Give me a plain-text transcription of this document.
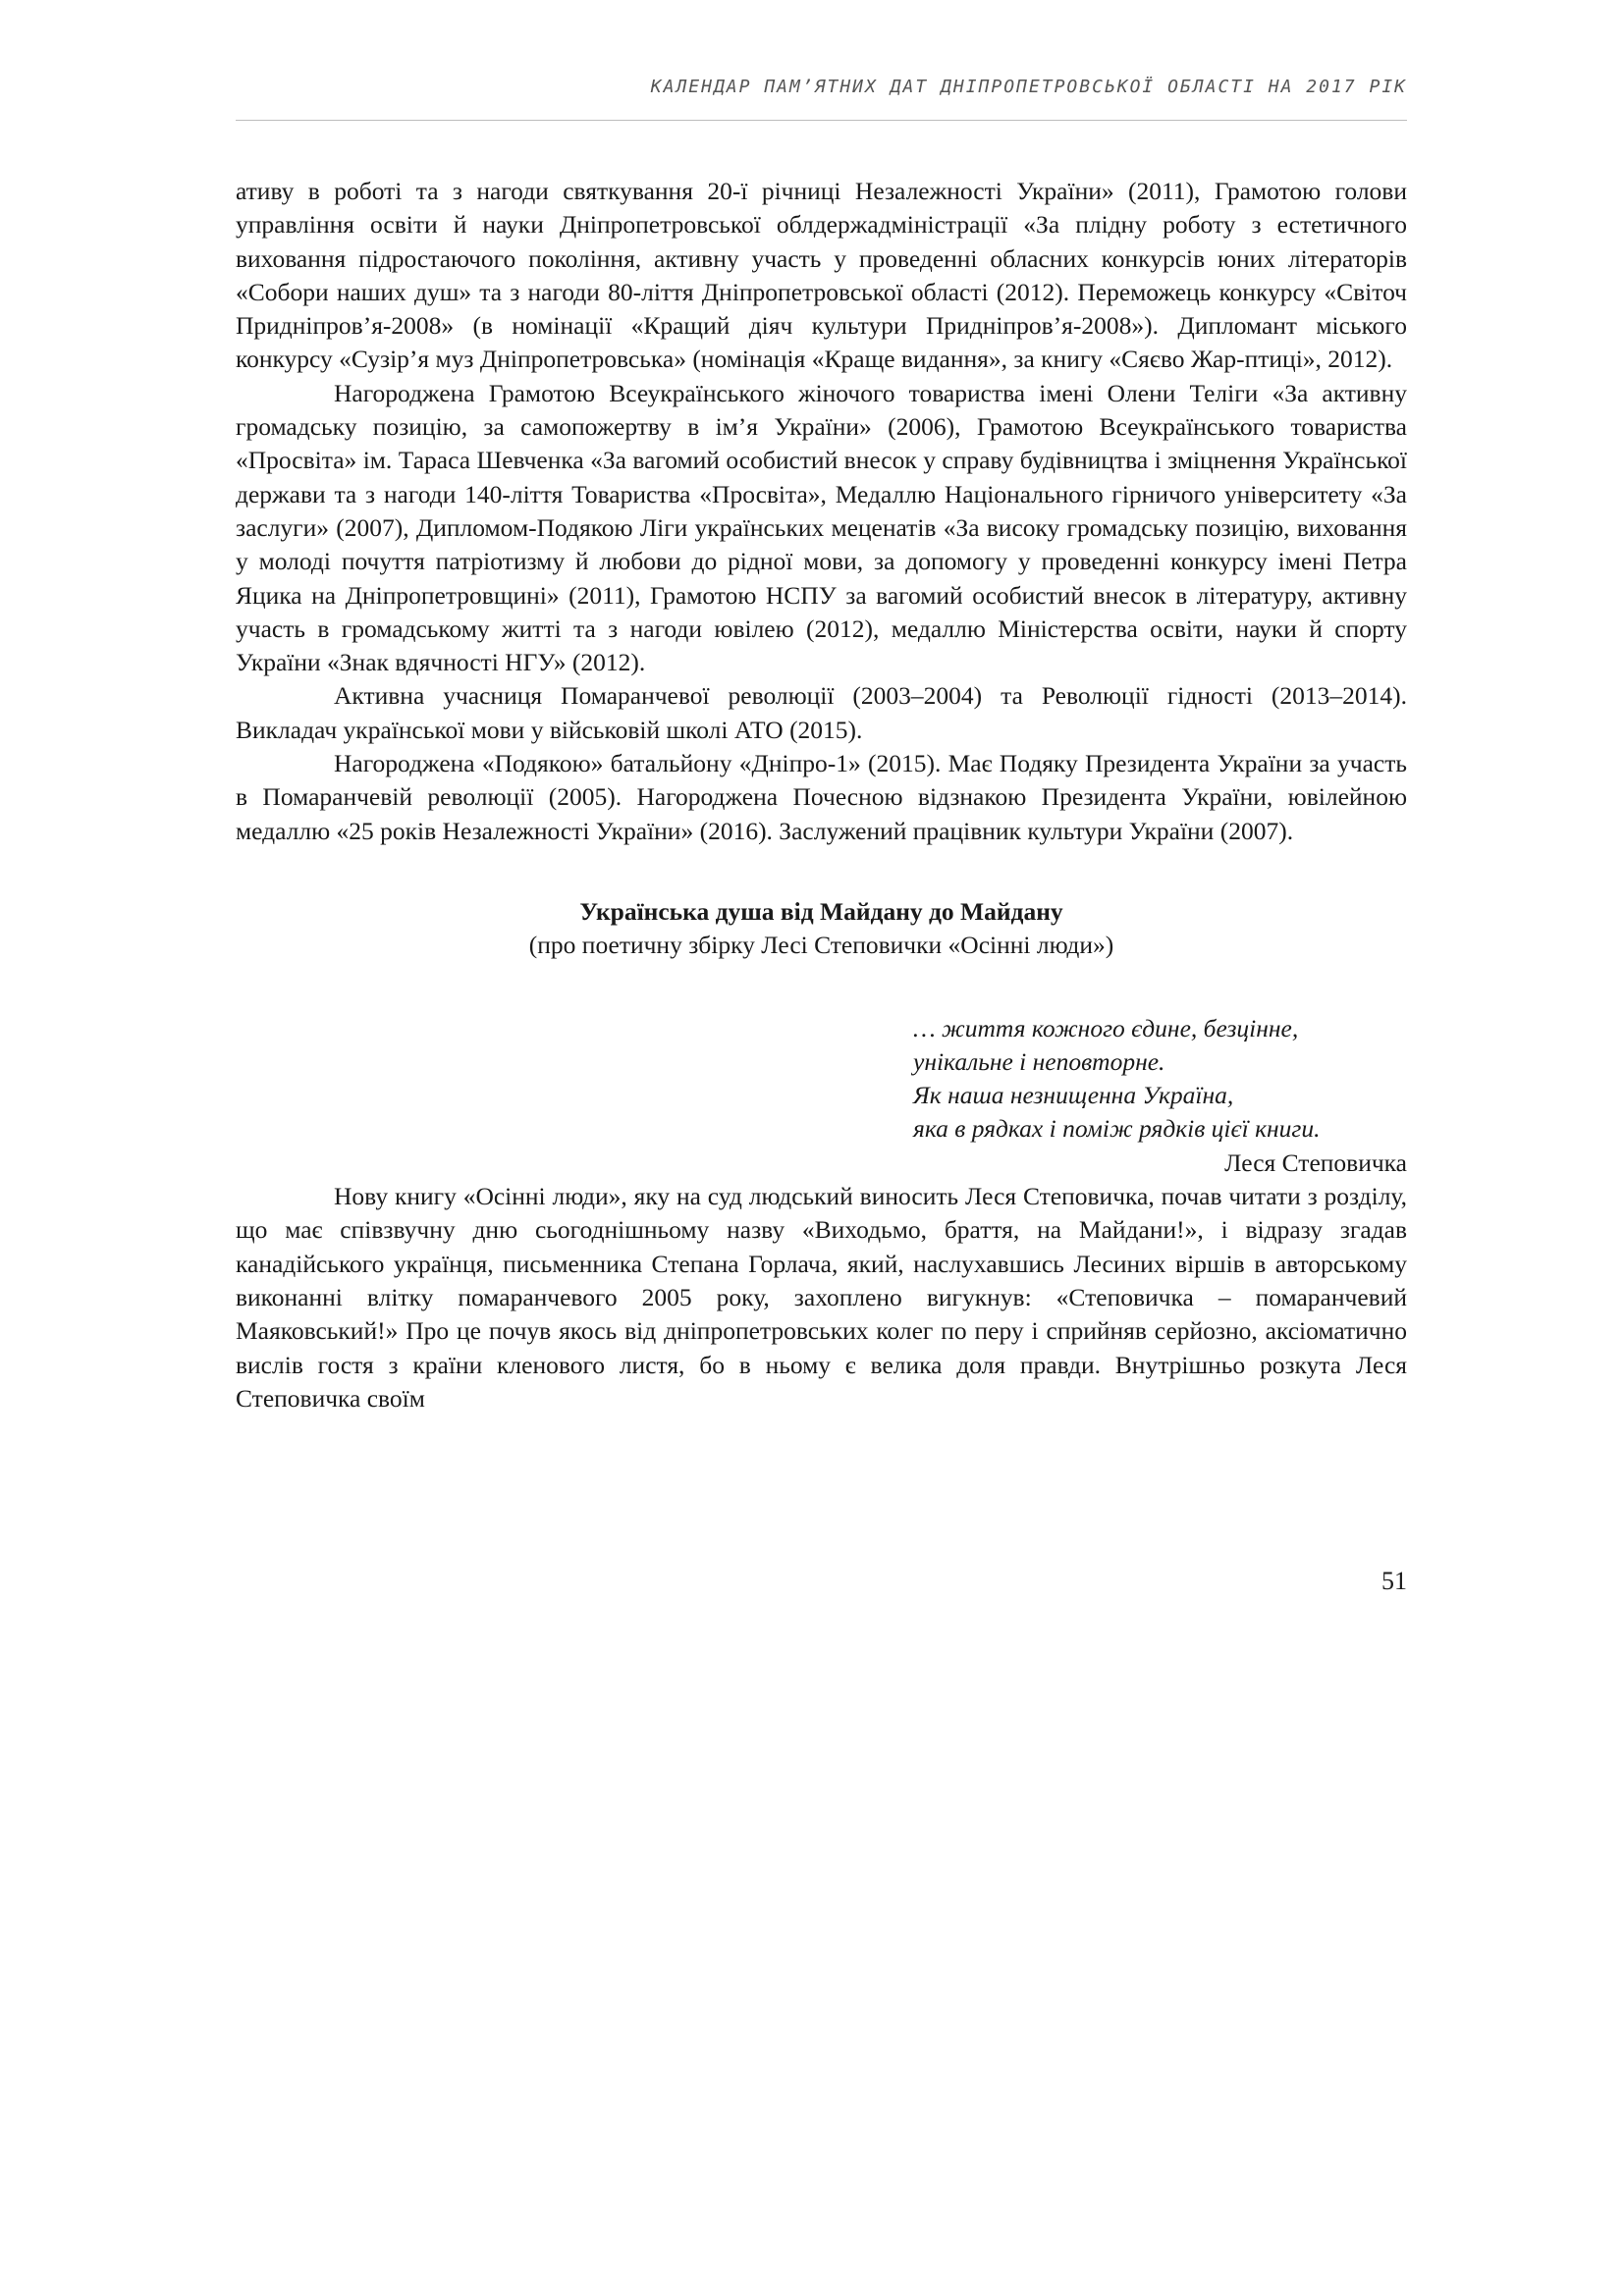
КАЛЕНДАР ПАМ’ЯТНИХ ДАТ ДНІПРОПЕТРОВСЬКОЇ ОБЛАСТІ НА 2017 РІК

ативу в роботі та з нагоди святкування 20-ї річниці Незалежності України» (2011), Грамотою голови управління освіти й науки Дніпропетровської облдержадміністрації «За плідну роботу з естетичного виховання підростаючого покоління, активну участь у проведенні обласних конкурсів юних літераторів «Собори наших душ» та з нагоди 80-ліття Дніпропетровської області (2012). Переможець конкурсу «Світоч Придніпров’я-2008» (в номінації «Кращий діяч культури Придніпров’я-2008»). Дипломант міського конкурсу «Сузір’я муз Дніпропетровська» (номінація «Краще видання», за книгу «Сяєво Жар-птиці», 2012).

Нагороджена Грамотою Всеукраїнського жіночого товариства імені Олени Теліги «За активну громадську позицію, за самопожертву в ім’я України» (2006), Грамотою Всеукраїнського товариства «Просвіта» ім. Тараса Шевченка «За вагомий особистий внесок у справу будівництва і зміцнення Української держави та з нагоди 140-ліття Товариства «Просвіта», Медаллю Національного гірничого університету «За заслуги» (2007), Дипломом-Подякою Ліги українських меценатів «За високу громадську позицію, виховання у молоді почуття патріотизму й любови до рідної мови, за допомогу у проведенні конкурсу імені Петра Яцика на Дніпропетровщині» (2011), Грамотою НСПУ за вагомий особистий внесок в літературу, активну участь в громадському житті та з нагоди ювілею (2012), медаллю Міністерства освіти, науки й спорту України «Знак вдячності НГУ» (2012).

Активна учасниця Помаранчевої революції (2003–2004) та Революції гідності (2013–2014). Викладач української мови у військовій школі АТО (2015).

Нагороджена «Подякою» батальйону «Дніпро-1» (2015). Має Подяку Президента України за участь в Помаранчевій революції (2005). Нагороджена Почесною відзнакою Президента України, ювілейною медаллю «25 років Незалежності України» (2016). Заслужений працівник культури України (2007).

Українська душа від Майдану до Майдану
(про поетичну збірку Лесі Степовички «Осінні люди»)
… життя кожного єдине, безцінне,
унікальне і неповторне.
Як наша незнищенна Україна,
яка в рядках і поміж рядків цієї книги.
Леся Степовичка

Нову книгу «Осінні люди», яку на суд людський виносить Леся Степовичка, почав читати з розділу, що має співзвучну дню сьогоднішньому назву «Виходьмо, браття, на Майдани!», і відразу згадав канадійського українця, письменника Степана Горлача, який, наслухавшись Лесиних віршів в авторському виконанні влітку помаранчевого 2005 року, захоплено вигукнув: «Степовичка – помаранчевий Маяковський!» Про це почув якось від дніпропетровських колег по перу і сприйняв серйозно, аксіоматично вислів гостя з країни кленового листя, бо в ньому є велика доля правди. Внутрішньо розкута Леся Степовичка своїм

51
